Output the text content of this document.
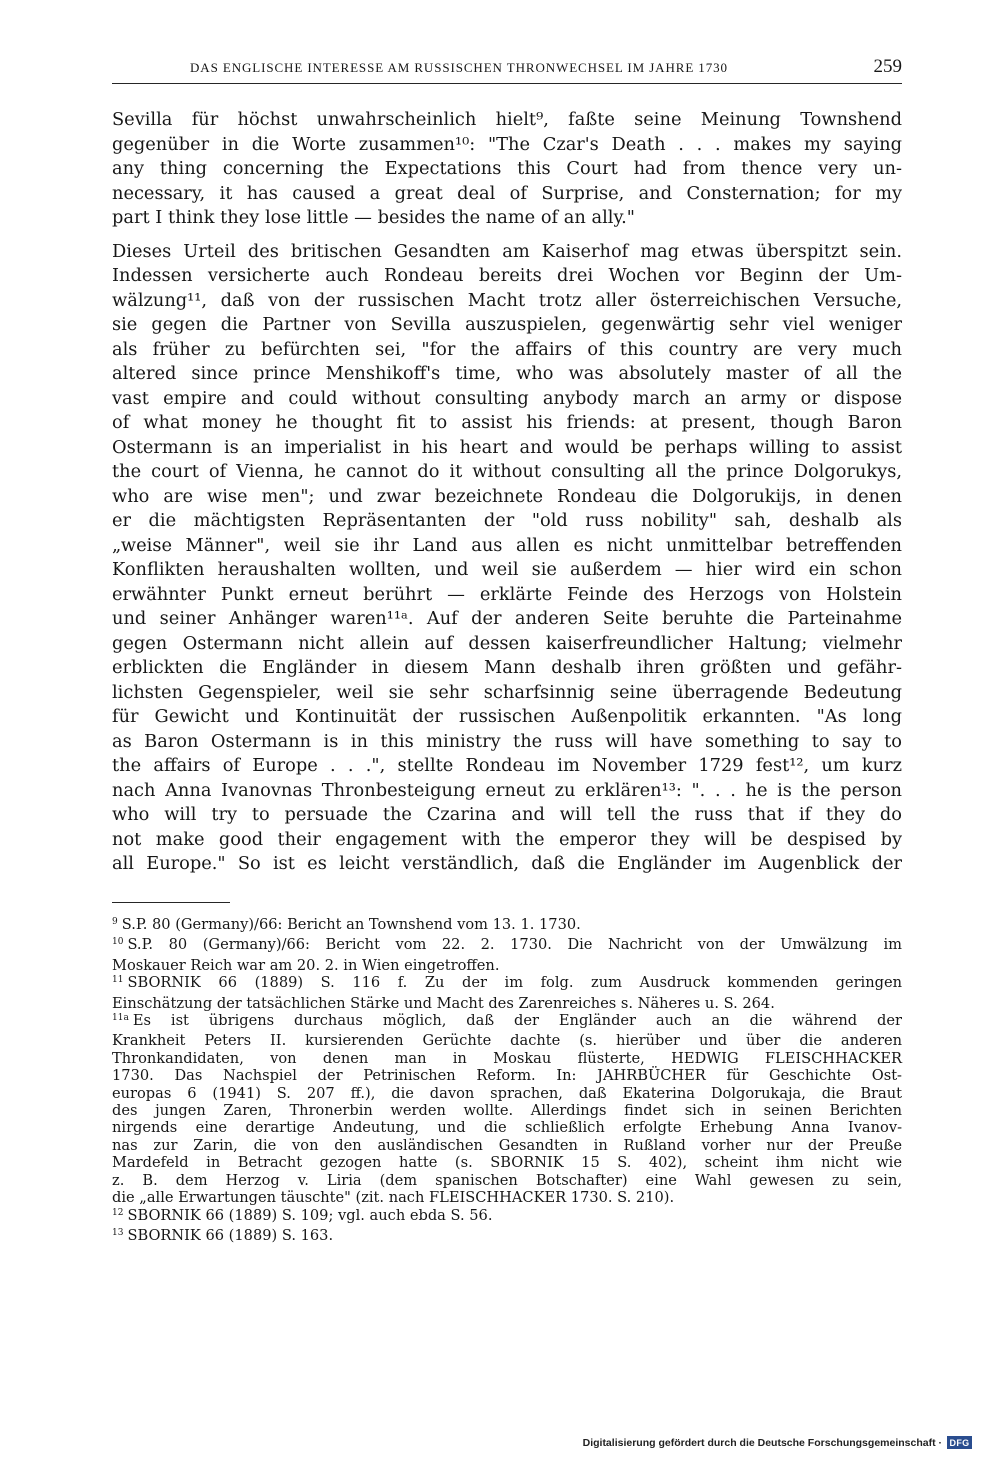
DAS ENGLISCHE INTERESSE AM RUSSISCHEN THRONWECHSEL IM JAHRE 1730	259

Sevilla für höchst unwahrscheinlich hielt⁹, faßte seine Meinung Townshend
gegenüber in die Worte zusammen¹⁰: "The Czar's Death . . . makes my saying
any thing concerning the Expectations this Court had from thence very un-
necessary, it has caused a great deal of Surprise, and Consternation; for my
part I think they lose little — besides the name of an ally."

Dieses Urteil des britischen Gesandten am Kaiserhof mag etwas überspitzt sein.
Indessen versicherte auch Rondeau bereits drei Wochen vor Beginn der Um-
wälzung¹¹, daß von der russischen Macht trotz aller österreichischen Versuche,
sie gegen die Partner von Sevilla auszuspielen, gegenwärtig sehr viel weniger
als früher zu befürchten sei, "for the affairs of this country are very much
altered since prince Menshikoff's time, who was absolutely master of all the
vast empire and could without consulting anybody march an army or dispose
of what money he thought fit to assist his friends: at present, though Baron
Ostermann is an imperialist in his heart and would be perhaps willing to assist
the court of Vienna, he cannot do it without consulting all the prince Dolgorukys,
who are wise men"; und zwar bezeichnete Rondeau die Dolgorukijs, in denen
er die mächtigsten Repräsentanten der "old russ nobility" sah, deshalb als
„weise Männer", weil sie ihr Land aus allen es nicht unmittelbar betreffenden
Konflikten heraushalten wollten, und weil sie außerdem — hier wird ein schon
erwähnter Punkt erneut berührt — erklärte Feinde des Herzogs von Holstein
und seiner Anhänger waren¹¹ᵃ. Auf der anderen Seite beruhte die Parteinahme
gegen Ostermann nicht allein auf dessen kaiserfreundlicher Haltung; vielmehr
erblickten die Engländer in diesem Mann deshalb ihren größten und gefähr-
lichsten Gegenspieler, weil sie sehr scharfsinnig seine überragende Bedeutung
für Gewicht und Kontinuität der russischen Außenpolitik erkannten. "As long
as Baron Ostermann is in this ministry the russ will have something to say to
the affairs of Europe . . .", stellte Rondeau im November 1729 fest¹², um kurz
nach Anna Ivanovnas Thronbesteigung erneut zu erklären¹³: ". . . he is the person
who will try to persuade the Czarina and will tell the russ that if they do
not make good their engagement with the emperor they will be despised by
all Europe." So ist es leicht verständlich, daß die Engländer im Augenblick der

$^9$ S.P. 80 (Germany)/66: Bericht an Townshend vom 13. 1. 1730.
$^{10}$ S.P. 80 (Germany)/66: Bericht vom 22. 2. 1730. Die Nachricht von der Umwälzung im
Moskauer Reich war am 20. 2. in Wien eingetroffen.
$^{11}$ SBORNIK 66 (1889) S. 116 f. Zu der im folg. zum Ausdruck kommenden geringen
Einschätzung der tatsächlichen Stärke und Macht des Zarenreiches s. Näheres u. S. 264.
$^{11a}$ Es ist übrigens durchaus möglich, daß der Engländer auch an die während der
Krankheit Peters II. kursierenden Gerüchte dachte (s. hierüber und über die anderen
Thronkandidaten, von denen man in Moskau flüsterte, HEDWIG FLEISCHHACKER
1730. Das Nachspiel der Petrinischen Reform. In: JAHRBÜCHER für Geschichte Ost-
europas 6 (1941) S. 207 ff.), die davon sprachen, daß Ekaterina Dolgorukaja, die Braut
des jungen Zaren, Thronerbin werden wollte. Allerdings findet sich in seinen Berichten
nirgends eine derartige Andeutung, und die schließlich erfolgte Erhebung Anna Ivanov-
nas zur Zarin, die von den ausländischen Gesandten in Rußland vorher nur der Preuße
Mardefeld in Betracht gezogen hatte (s. SBORNIK 15 S. 402), scheint ihm nicht wie
z. B. dem Herzog v. Liria (dem spanischen Botschafter) eine Wahl gewesen zu sein,
die „alle Erwartungen täuschte" (zit. nach FLEISCHHACKER 1730. S. 210).
$^{12}$ SBORNIK 66 (1889) S. 109; vgl. auch ebda S. 56.
$^{13}$ SBORNIK 66 (1889) S. 163.
Digitalisierung gefördert durch die Deutsche Forschungsgemeinschaft · DFG
